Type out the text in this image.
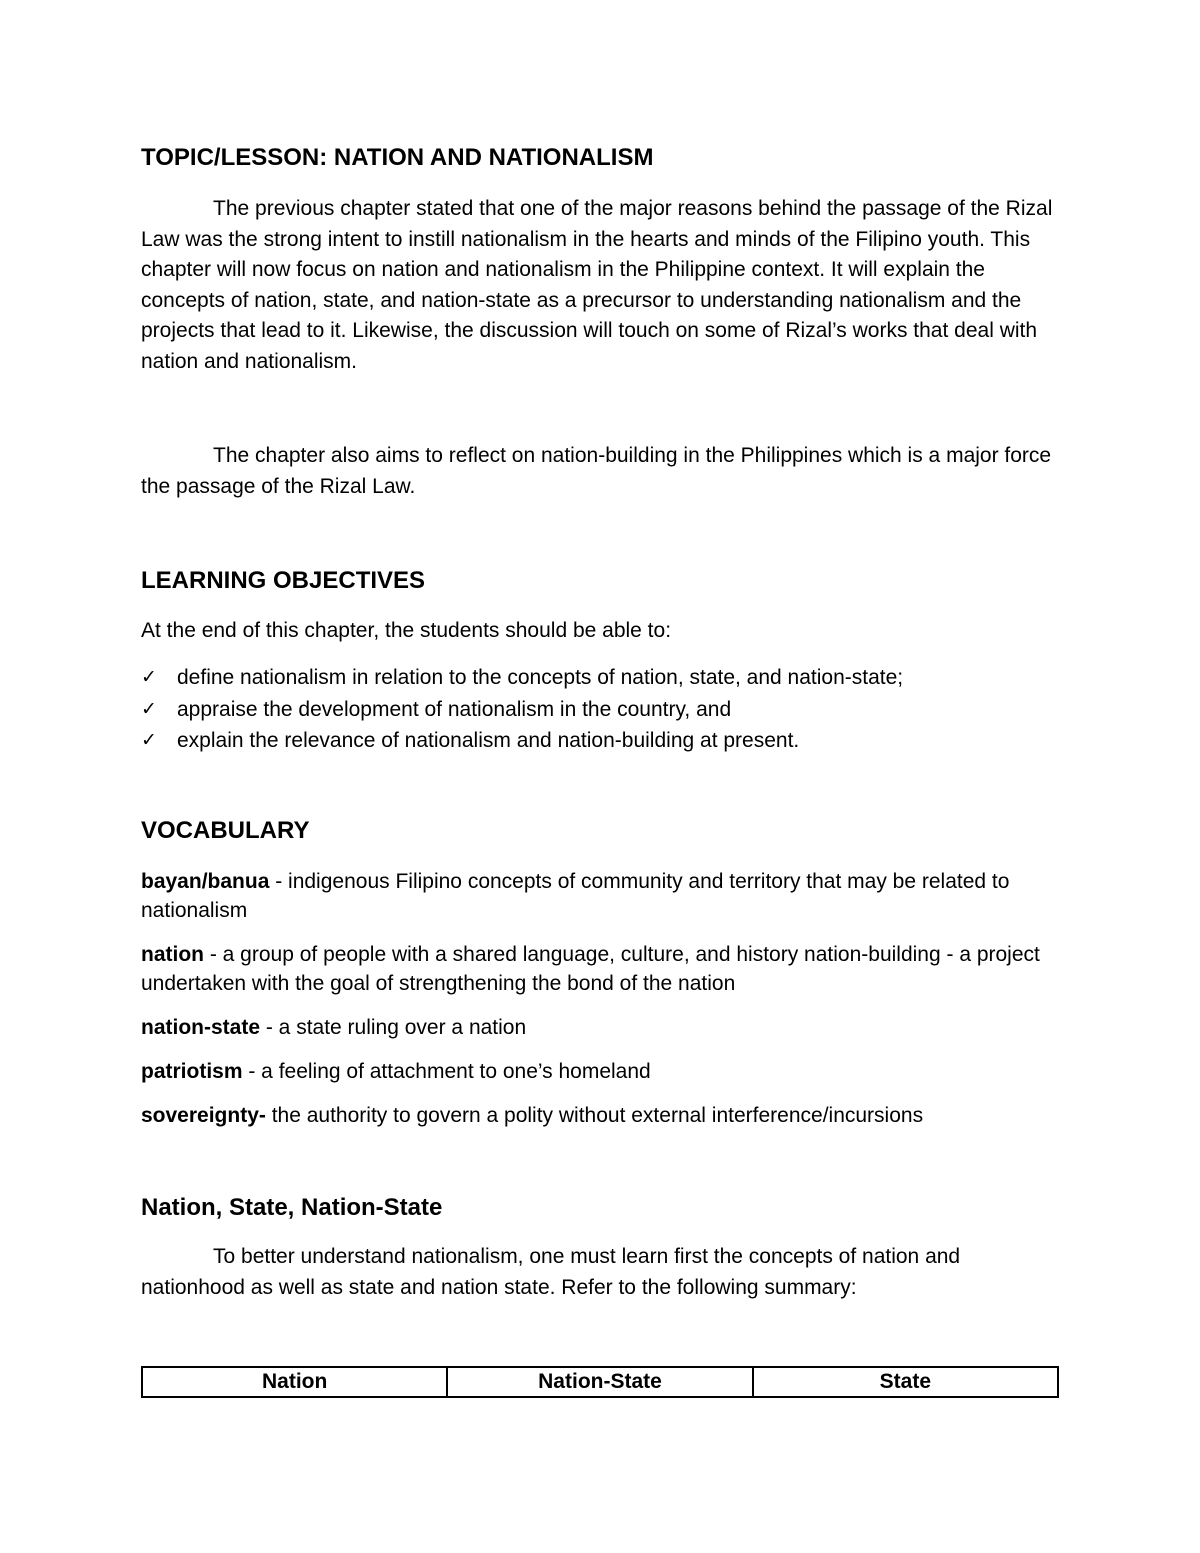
TOPIC/LESSON: NATION AND NATIONALISM

The previous chapter stated that one of the major reasons behind the passage of the Rizal Law was the strong intent to instill nationalism in the hearts and minds of the Filipino youth. This chapter will now focus on nation and nationalism in the Philippine context. It will explain the concepts of nation, state, and nation-state as a precursor to understanding nationalism and the projects that lead to it. Likewise, the discussion will touch on some of Rizal’s works that deal with nation and nationalism.

The chapter also aims to reflect on nation-building in the Philippines which is a major force the passage of the Rizal Law.

LEARNING OBJECTIVES

At the end of this chapter, the students should be able to:

✓ define nationalism in relation to the concepts of nation, state, and nation-state;
✓ appraise the development of nationalism in the country, and
✓ explain the relevance of nationalism and nation-building at present.
VOCABULARY

bayan/banua - indigenous Filipino concepts of community and territory that may be related to nationalism

nation - a group of people with a shared language, culture, and history nation-building - a project undertaken with the goal of strengthening the bond of the nation

nation-state - a state ruling over a nation

patriotism - a feeling of attachment to one’s homeland

sovereignty- the authority to govern a polity without external interference/incursions

Nation, State, Nation-State

To better understand nationalism, one must learn first the concepts of nation and nationhood as well as state and nation state. Refer to the following summary:

Nation	Nation-State	State
